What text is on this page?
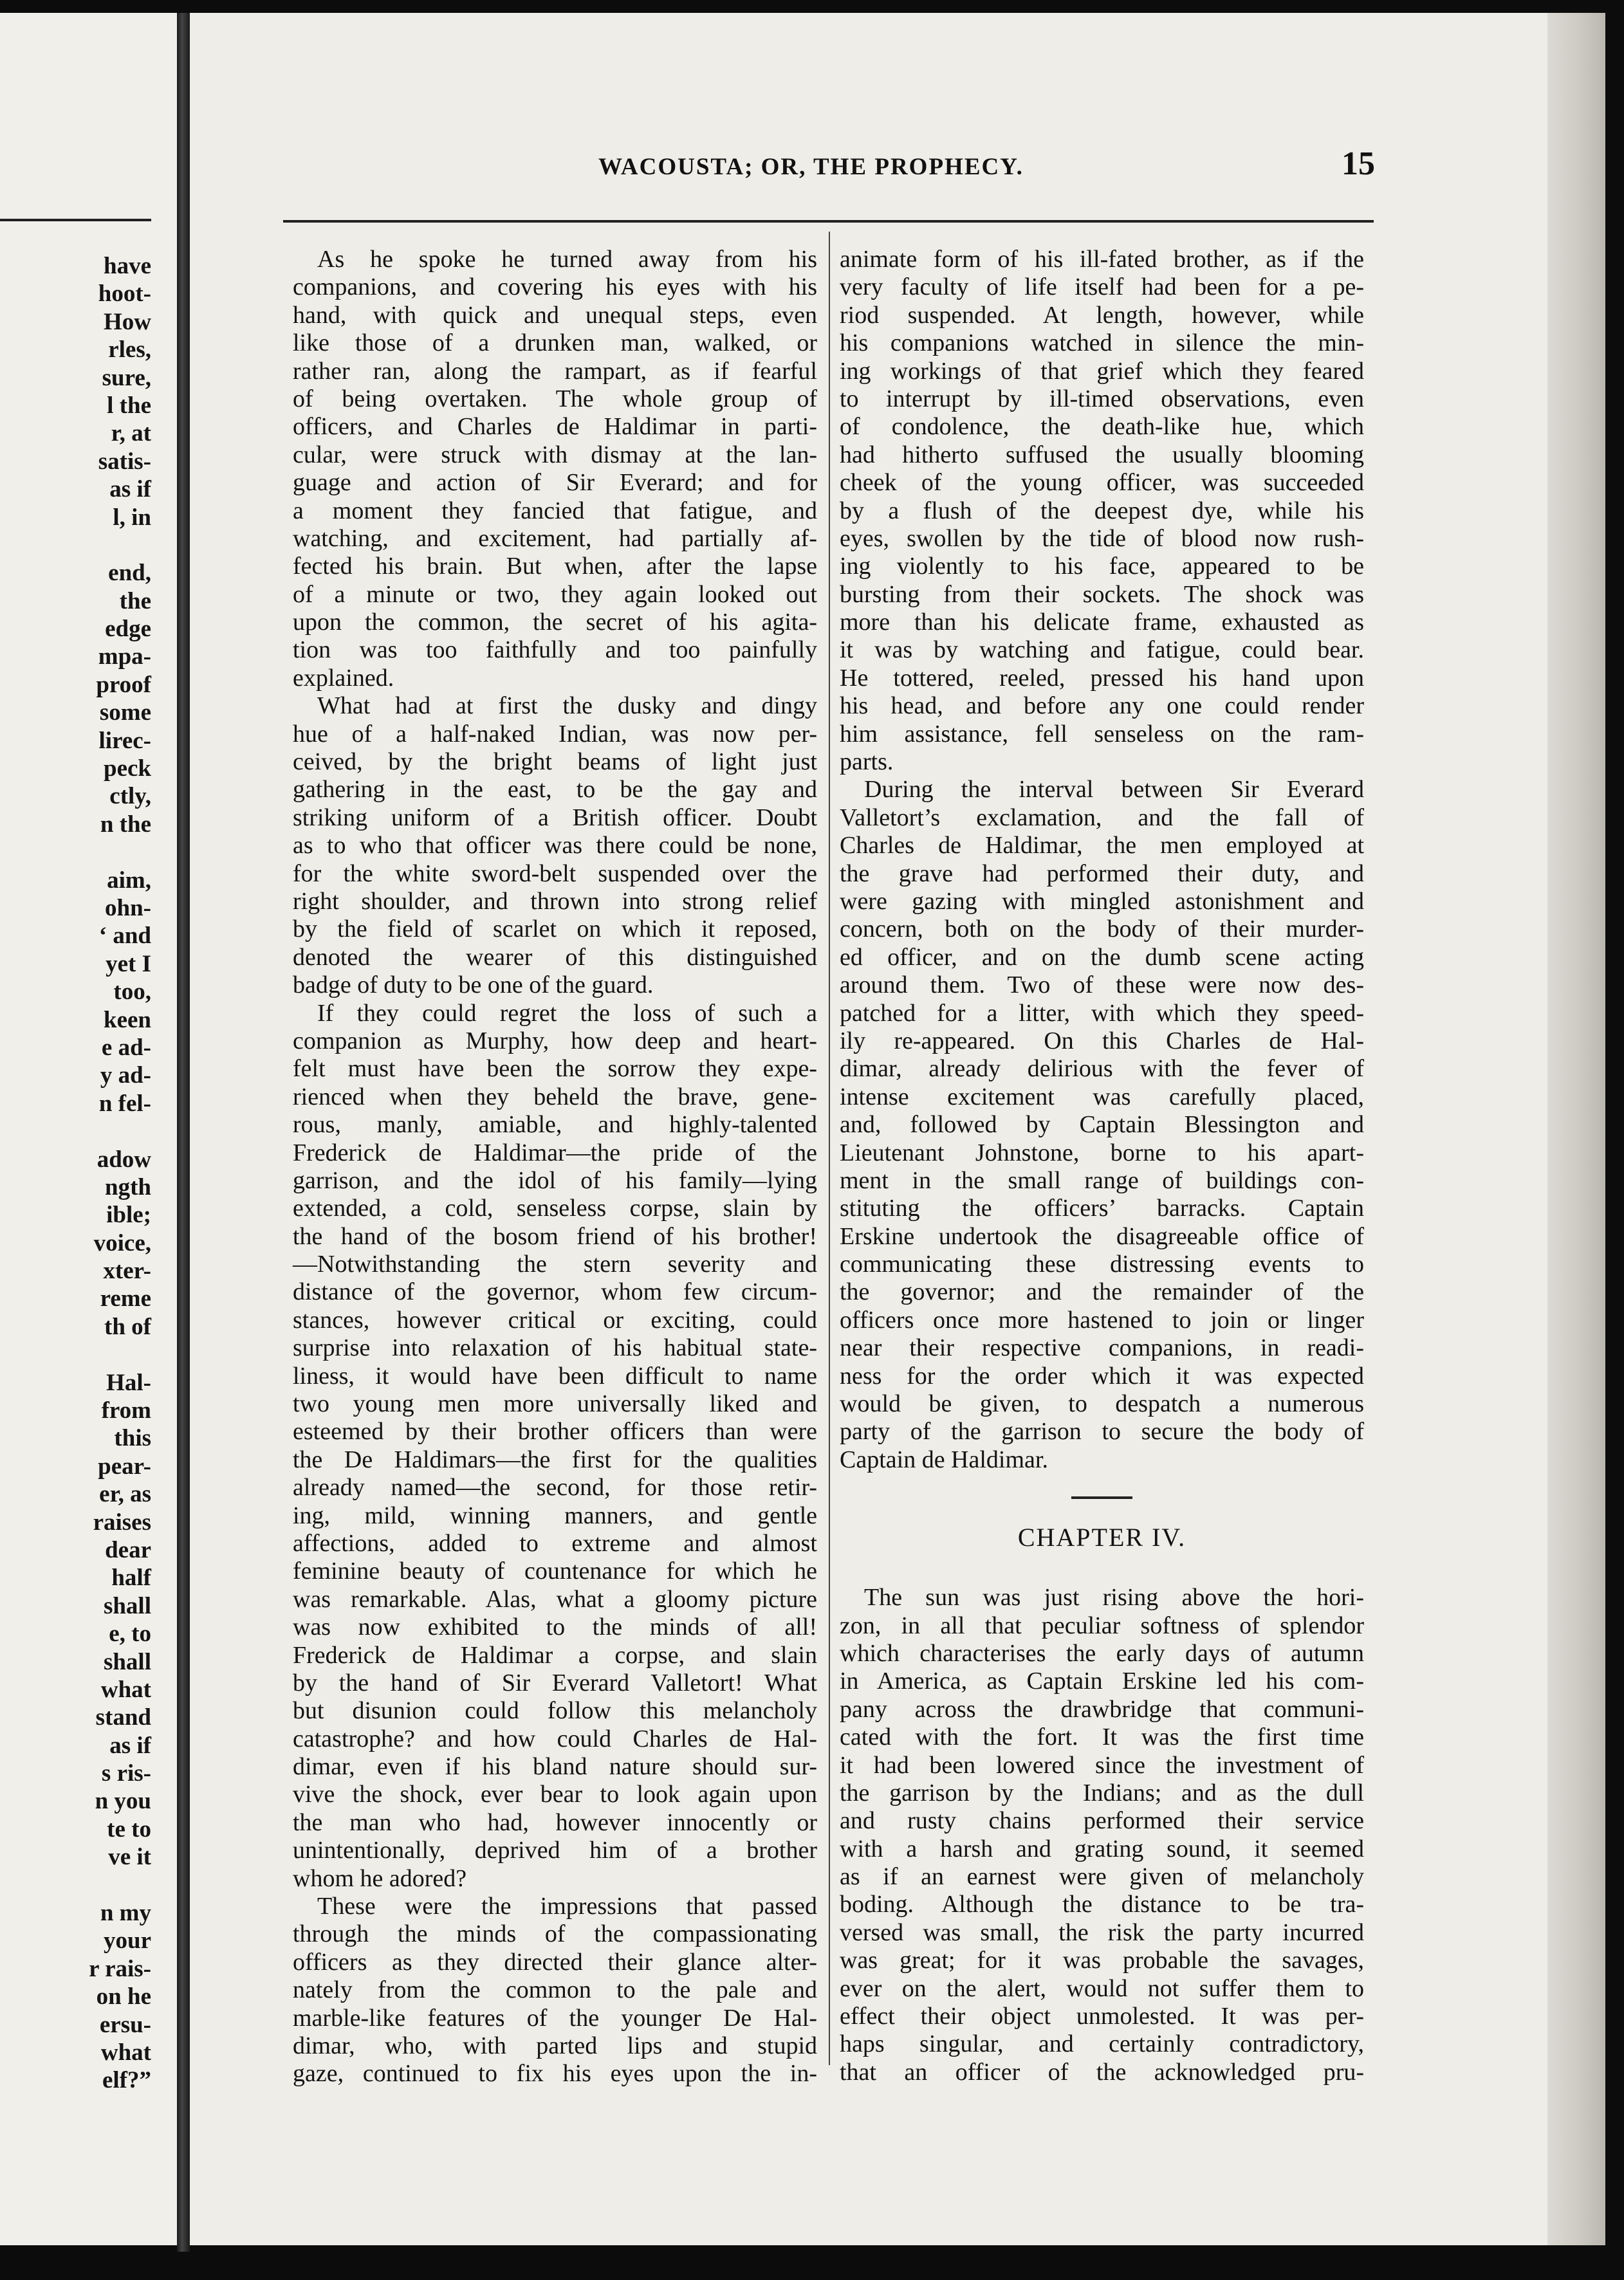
have
hoot-
How
rles,
sure,
l the
r, at
satis-
as if
l, in
end,
the
edge
mpa-
proof
some
lirec-
peck
ctly,
n the
aim,
ohn-
‘ and
yet I
too,
keen
e ad-
y ad-
n fel-
adow
ngth
ible;
voice,
xter-
reme
th of
Hal-
from
this
pear-
er, as
raises
dear
half
shall
e, to
shall
what
stand
as if
s ris-
n you
te to
ve it
n my
your
r rais-
on he
ersu-
what
elf?”
WACOUSTA; OR, THE PROPHECY.	15
As he spoke he turned away from his
companions, and covering his eyes with his
hand, with quick and unequal steps, even
like those of a drunken man, walked, or
rather ran, along the rampart, as if fearful
of being overtaken. The whole group of
officers, and Charles de Haldimar in parti-
cular, were struck with dismay at the lan-
guage and action of Sir Everard; and for
a moment they fancied that fatigue, and
watching, and excitement, had partially af-
fected his brain. But when, after the lapse
of a minute or two, they again looked out
upon the common, the secret of his agita-
tion was too faithfully and too painfully
explained.
What had at first the dusky and dingy
hue of a half-naked Indian, was now per-
ceived, by the bright beams of light just
gathering in the east, to be the gay and
striking uniform of a British officer. Doubt
as to who that officer was there could be none,
for the white sword-belt suspended over the
right shoulder, and thrown into strong relief
by the field of scarlet on which it reposed,
denoted the wearer of this distinguished
badge of duty to be one of the guard.
If they could regret the loss of such a
companion as Murphy, how deep and heart-
felt must have been the sorrow they expe-
rienced when they beheld the brave, gene-
rous, manly, amiable, and highly-talented
Frederick de Haldimar—the pride of the
garrison, and the idol of his family—lying
extended, a cold, senseless corpse, slain by
the hand of the bosom friend of his brother!
—Notwithstanding the stern severity and
distance of the governor, whom few circum-
stances, however critical or exciting, could
surprise into relaxation of his habitual state-
liness, it would have been difficult to name
two young men more universally liked and
esteemed by their brother officers than were
the De Haldimars—the first for the qualities
already named—the second, for those retir-
ing, mild, winning manners, and gentle
affections, added to extreme and almost
feminine beauty of countenance for which he
was remarkable. Alas, what a gloomy picture
was now exhibited to the minds of all!
Frederick de Haldimar a corpse, and slain
by the hand of Sir Everard Valletort! What
but disunion could follow this melancholy
catastrophe? and how could Charles de Hal-
dimar, even if his bland nature should sur-
vive the shock, ever bear to look again upon
the man who had, however innocently or
unintentionally, deprived him of a brother
whom he adored?
These were the impressions that passed
through the minds of the compassionating
officers as they directed their glance alter-
nately from the common to the pale and
marble-like features of the younger De Hal-
dimar, who, with parted lips and stupid
gaze, continued to fix his eyes upon the in-
animate form of his ill-fated brother, as if the
very faculty of life itself had been for a pe-
riod suspended. At length, however, while
his companions watched in silence the min-
ing workings of that grief which they feared
to interrupt by ill-timed observations, even
of condolence, the death-like hue, which
had hitherto suffused the usually blooming
cheek of the young officer, was succeeded
by a flush of the deepest dye, while his
eyes, swollen by the tide of blood now rush-
ing violently to his face, appeared to be
bursting from their sockets. The shock was
more than his delicate frame, exhausted as
it was by watching and fatigue, could bear.
He tottered, reeled, pressed his hand upon
his head, and before any one could render
him assistance, fell senseless on the ram-
parts.
During the interval between Sir Everard
Valletort’s exclamation, and the fall of
Charles de Haldimar, the men employed at
the grave had performed their duty, and
were gazing with mingled astonishment and
concern, both on the body of their murder-
ed officer, and on the dumb scene acting
around them. Two of these were now des-
patched for a litter, with which they speed-
ily re-appeared. On this Charles de Hal-
dimar, already delirious with the fever of
intense excitement was carefully placed,
and, followed by Captain Blessington and
Lieutenant Johnstone, borne to his apart-
ment in the small range of buildings con-
stituting the officers’ barracks. Captain
Erskine undertook the disagreeable office of
communicating these distressing events to
the governor; and the remainder of the
officers once more hastened to join or linger
near their respective companions, in readi-
ness for the order which it was expected
would be given, to despatch a numerous
party of the garrison to secure the body of
Captain de Haldimar.
CHAPTER IV.
The sun was just rising above the hori-
zon, in all that peculiar softness of splendor
which characterises the early days of autumn
in America, as Captain Erskine led his com-
pany across the drawbridge that communi-
cated with the fort. It was the first time
it had been lowered since the investment of
the garrison by the Indians; and as the dull
and rusty chains performed their service
with a harsh and grating sound, it seemed
as if an earnest were given of melancholy
boding. Although the distance to be tra-
versed was small, the risk the party incurred
was great; for it was probable the savages,
ever on the alert, would not suffer them to
effect their object unmolested. It was per-
haps singular, and certainly contradictory,
that an officer of the acknowledged pru-
